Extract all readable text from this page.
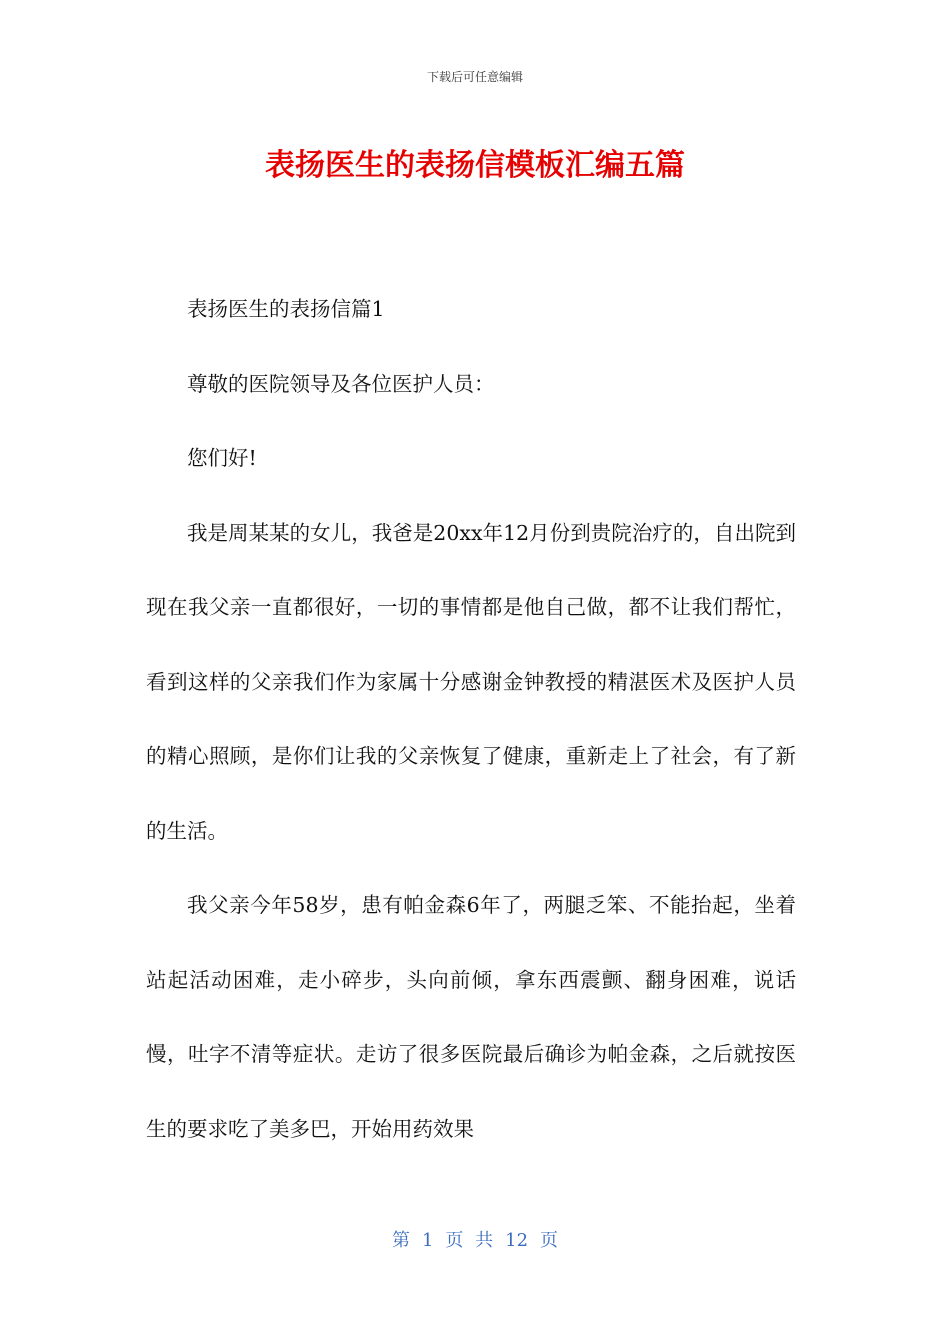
下载后可任意编辑
表扬医生的表扬信模板汇编五篇

表扬医生的表扬信篇1

尊敬的医院领导及各位医护人员：

您们好!

我是周某某的女儿，我爸是20xx年12月份到贵院治疗的，自出院到现在我父亲一直都很好，一切的事情都是他自己做，都不让我们帮忙，看到这样的父亲我们作为家属十分感谢金钟教授的精湛医术及医护人员的精心照顾，是你们让我的父亲恢复了健康，重新走上了社会，有了新的生活。

我父亲今年58岁，患有帕金森6年了，两腿乏笨、不能抬起，坐着站起活动困难，走小碎步，头向前倾，拿东西震颤、翻身困难，说话慢，吐字不清等症状。走访了很多医院最后确诊为帕金森，之后就按医生的要求吃了美多巴，开始用药效果

第 1 页 共 12 页
